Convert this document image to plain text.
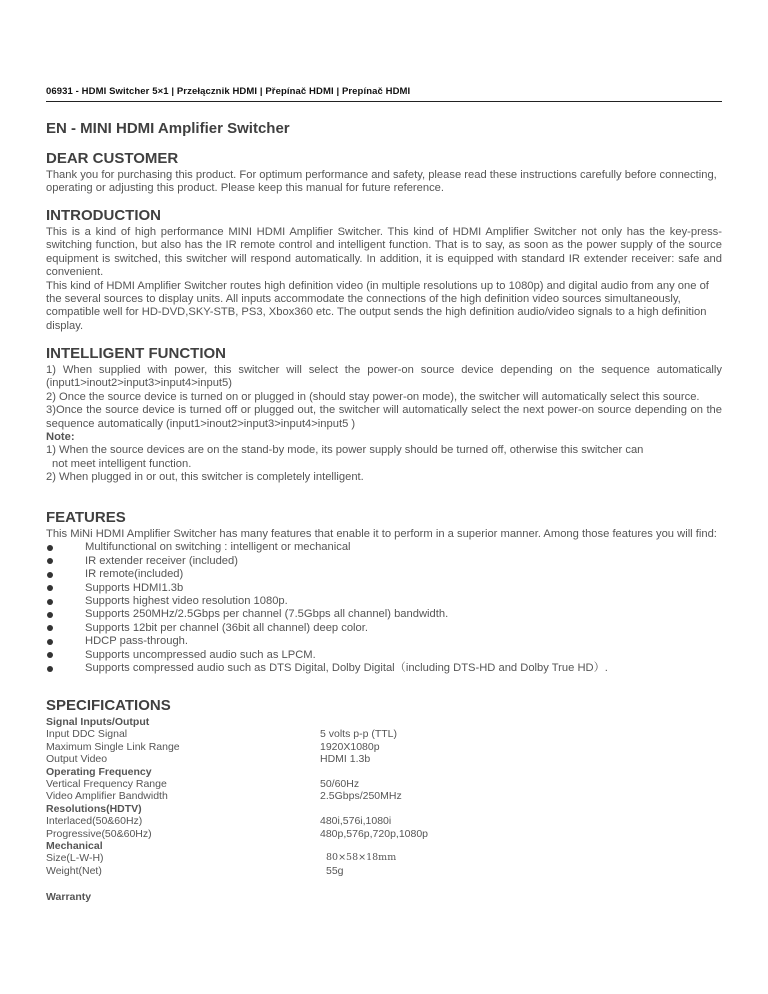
06931 - HDMI Switcher 5×1 | Przełącznik HDMI | Přepínač HDMI | Prepínač HDMI
EN - MINI HDMI Amplifier Switcher
DEAR CUSTOMER

Thank you for purchasing this product. For optimum performance and safety, please read these instructions carefully before connecting, operating or adjusting this product. Please keep this manual for future reference.

INTRODUCTION

This is a kind of high performance MINI HDMI Amplifier Switcher. This kind of HDMI Amplifier Switcher not only has the key-press-switching function, but also has the IR remote control and intelligent function. That is to say, as soon as the power supply of the source equipment is switched, this switcher will respond automatically. In addition, it is equipped with standard IR extender receiver: safe and convenient.

This kind of HDMI Amplifier Switcher routes high definition video (in multiple resolutions up to 1080p) and digital audio from any one of the several sources to display units. All inputs accommodate the connections of the high definition video sources simultaneously, compatible well for HD-DVD,SKY-STB, PS3, Xbox360 etc. The output sends the high definition audio/video signals to a high definition display.

INTELLIGENT FUNCTION

1) When supplied with power, this switcher will select the power-on source device depending on the sequence automatically (input1>inout2>input3>input4>input5)

2) Once the source device is turned on or plugged in (should stay power-on mode), the switcher will automatically select this source.

3)Once the source device is turned off or plugged out, the switcher will automatically select the next power-on source depending on the sequence automatically (input1>inout2>input3>input4>input5 )

Note:

1) When the source devices are on the stand-by mode, its power supply should be turned off, otherwise this switcher can

not meet intelligent function.

2) When plugged in or out, this switcher is completely intelligent.

FEATURES

This MiNi HDMI Amplifier Switcher has many features that enable it to perform in a superior manner. Among those features you will find:

Multifunctional on switching : intelligent or mechanical
IR extender receiver (included)
IR remote(included)
Supports HDMI1.3b
Supports highest video resolution 1080p.
Supports 250MHz/2.5Gbps per channel (7.5Gbps all channel) bandwidth.
Supports 12bit per channel (36bit all channel) deep color.
HDCP pass-through.
Supports uncompressed audio such as LPCM.
Supports compressed audio such as DTS Digital, Dolby Digital（including DTS-HD and Dolby True HD）.
SPECIFICATIONS
Signal Inputs/Output
Input DDC Signal	5 volts p-p (TTL)
Maximum Single Link Range	1920X1080p
Output Video	HDMI 1.3b
Operating Frequency
Vertical Frequency Range	50/60Hz
Video Amplifier Bandwidth	2.5Gbps/250MHz
Resolutions(HDTV)
Interlaced(50&60Hz)	480i,576i,1080i
Progressive(50&60Hz)	480p,576p,720p,1080p
Mechanical
Size(L-W-H)	80×58×18mm
Weight(Net)	55g
Warranty
